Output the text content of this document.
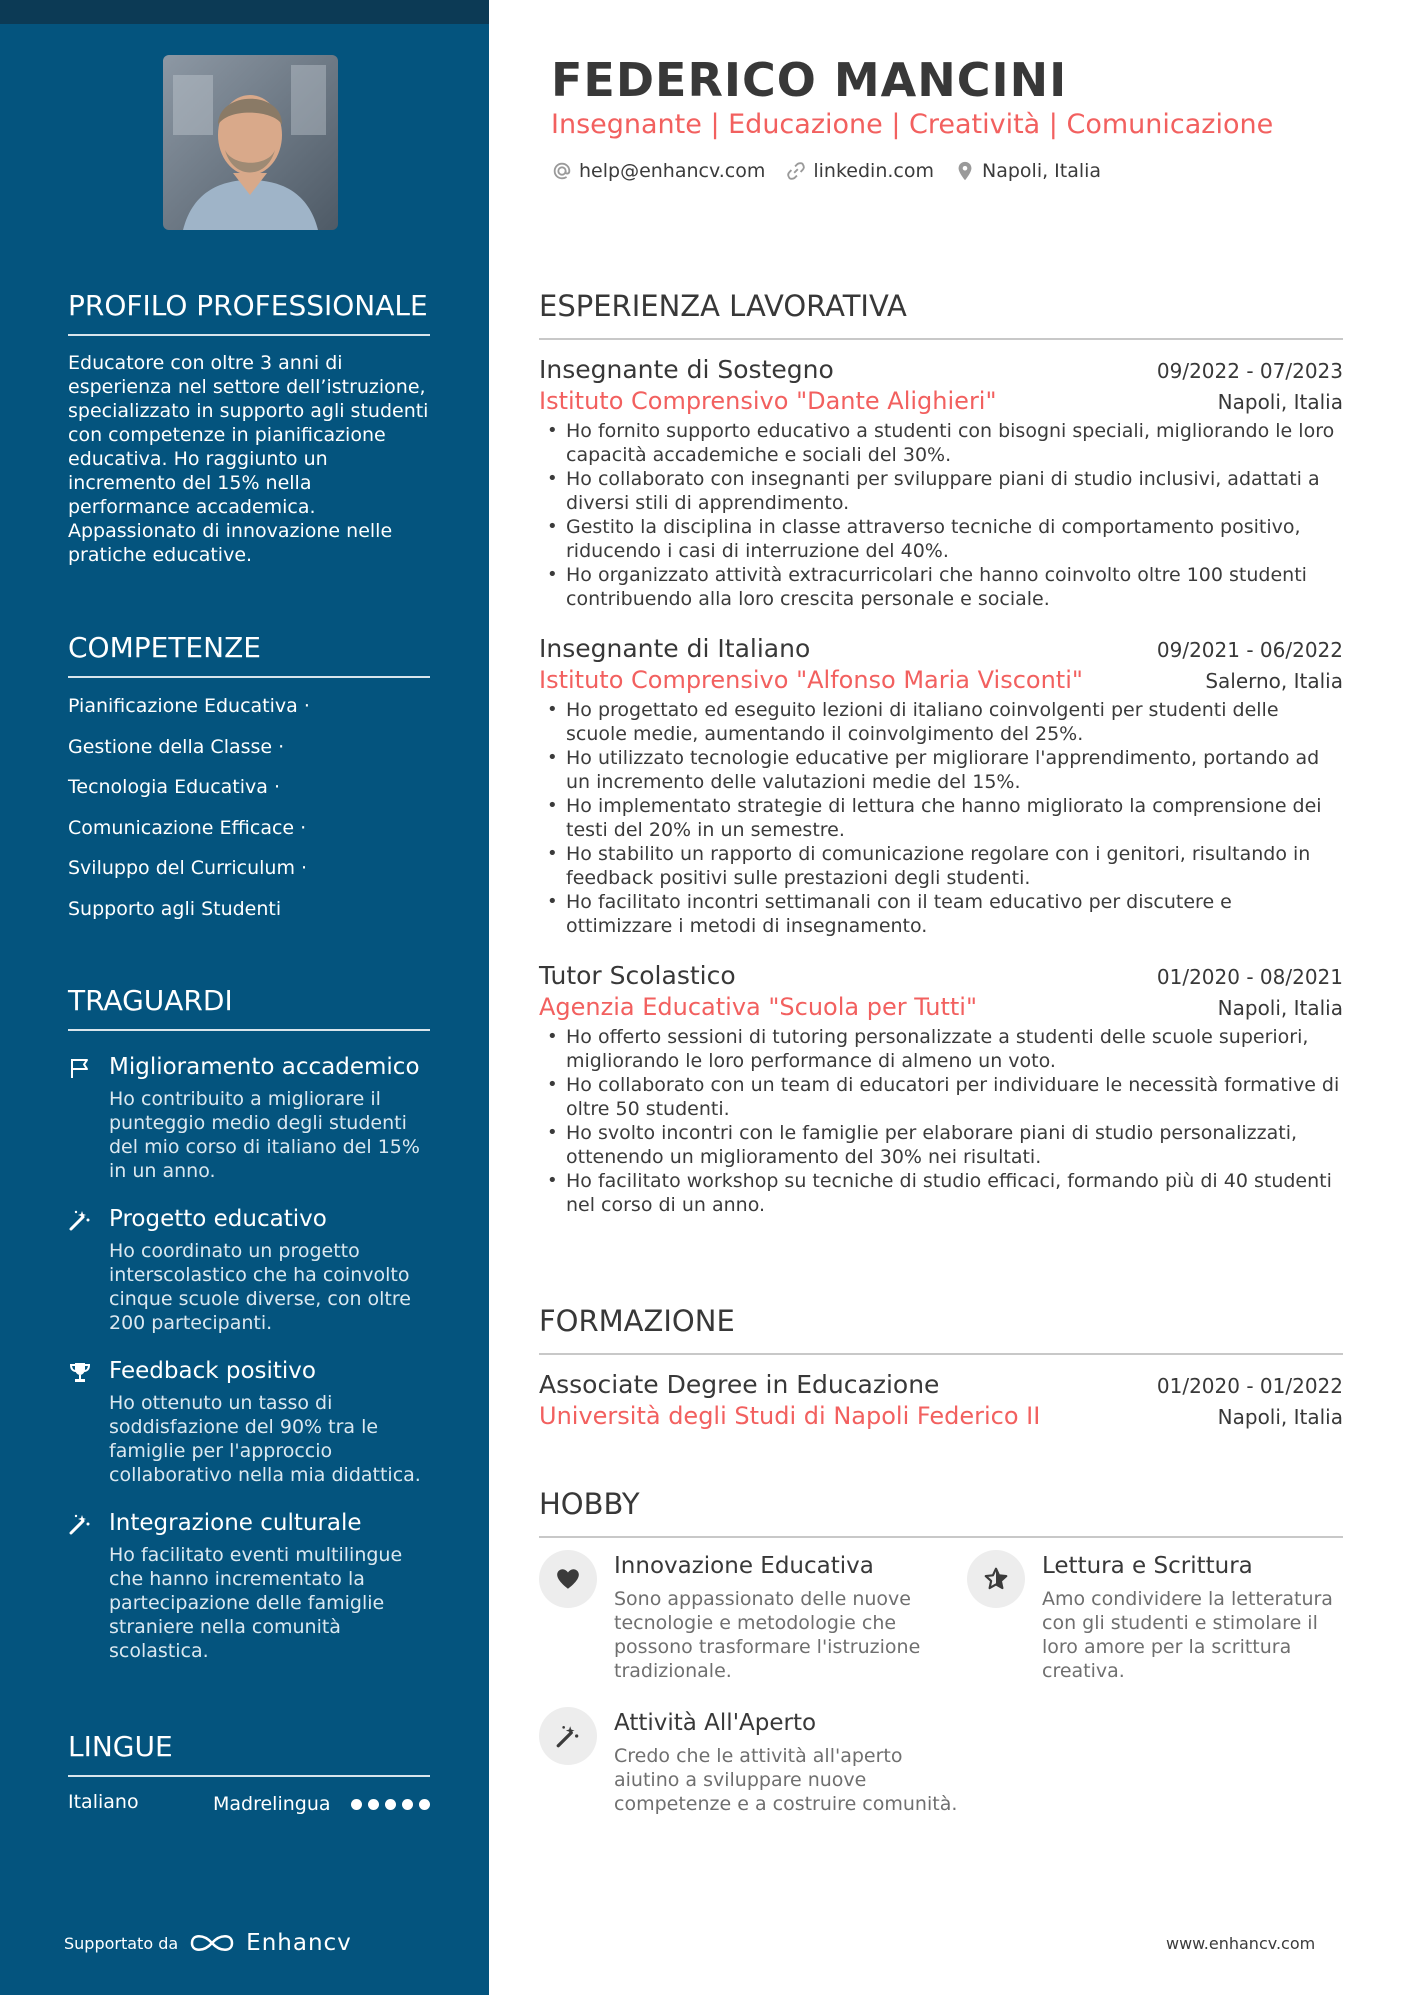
PROFILO PROFESSIONALE
Educatore con oltre 3 anni di esperienza nel settore dell’istruzione, specializzato in supporto agli studenti con competenze in pianificazione educativa. Ho raggiunto un incremento del 15% nella performance accademica. Appassionato di innovazione nelle pratiche educative.
COMPETENZE
Pianificazione Educativa ·
Gestione della Classe ·
Tecnologia Educativa ·
Comunicazione Efficace ·
Sviluppo del Curriculum ·
Supporto agli Studenti
TRAGUARDI
Miglioramento accademico
Ho contribuito a migliorare il punteggio medio degli studenti del mio corso di italiano del 15% in un anno.
Progetto educativo
Ho coordinato un progetto interscolastico che ha coinvolto cinque scuole diverse, con oltre 200 partecipanti.
Feedback positivo
Ho ottenuto un tasso di soddisfazione del 90% tra le famiglie per l'approccio collaborativo nella mia didattica.
Integrazione culturale
Ho facilitato eventi multilingue che hanno incrementato la partecipazione delle famiglie straniere nella comunità scolastica.
LINGUE
Italiano	Madrelingua
Supportato da	Enhancv
FEDERICO MANCINI
Insegnante | Educazione | Creatività | Comunicazione
help@enhancv.com	linkedin.com	Napoli, Italia
ESPERIENZA LAVORATIVA
Insegnante di Sostegno	09/2022 - 07/2023
Istituto Comprensivo "Dante Alighieri"	Napoli, Italia
• Ho fornito supporto educativo a studenti con bisogni speciali, migliorando le loro capacità accademiche e sociali del 30%.
• Ho collaborato con insegnanti per sviluppare piani di studio inclusivi, adattati a diversi stili di apprendimento.
• Gestito la disciplina in classe attraverso tecniche di comportamento positivo, riducendo i casi di interruzione del 40%.
• Ho organizzato attività extracurricolari che hanno coinvolto oltre 100 studenti contribuendo alla loro crescita personale e sociale.
Insegnante di Italiano	09/2021 - 06/2022
Istituto Comprensivo "Alfonso Maria Visconti"	Salerno, Italia
• Ho progettato ed eseguito lezioni di italiano coinvolgenti per studenti delle scuole medie, aumentando il coinvolgimento del 25%.
• Ho utilizzato tecnologie educative per migliorare l'apprendimento, portando ad un incremento delle valutazioni medie del 15%.
• Ho implementato strategie di lettura che hanno migliorato la comprensione dei testi del 20% in un semestre.
• Ho stabilito un rapporto di comunicazione regolare con i genitori, risultando in feedback positivi sulle prestazioni degli studenti.
• Ho facilitato incontri settimanali con il team educativo per discutere e ottimizzare i metodi di insegnamento.
Tutor Scolastico	01/2020 - 08/2021
Agenzia Educativa "Scuola per Tutti"	Napoli, Italia
• Ho offerto sessioni di tutoring personalizzate a studenti delle scuole superiori, migliorando le loro performance di almeno un voto.
• Ho collaborato con un team di educatori per individuare le necessità formative di oltre 50 studenti.
• Ho svolto incontri con le famiglie per elaborare piani di studio personalizzati, ottenendo un miglioramento del 30% nei risultati.
• Ho facilitato workshop su tecniche di studio efficaci, formando più di 40 studenti nel corso di un anno.
FORMAZIONE
Associate Degree in Educazione	01/2020 - 01/2022
Università degli Studi di Napoli Federico II	Napoli, Italia
HOBBY
Innovazione Educativa
Sono appassionato delle nuove tecnologie e metodologie che possono trasformare l'istruzione tradizionale.
Lettura e Scrittura
Amo condividere la letteratura con gli studenti e stimolare il loro amore per la scrittura creativa.
Attività All'Aperto
Credo che le attività all'aperto aiutino a sviluppare nuove competenze e a costruire comunità.
www.enhancv.com
